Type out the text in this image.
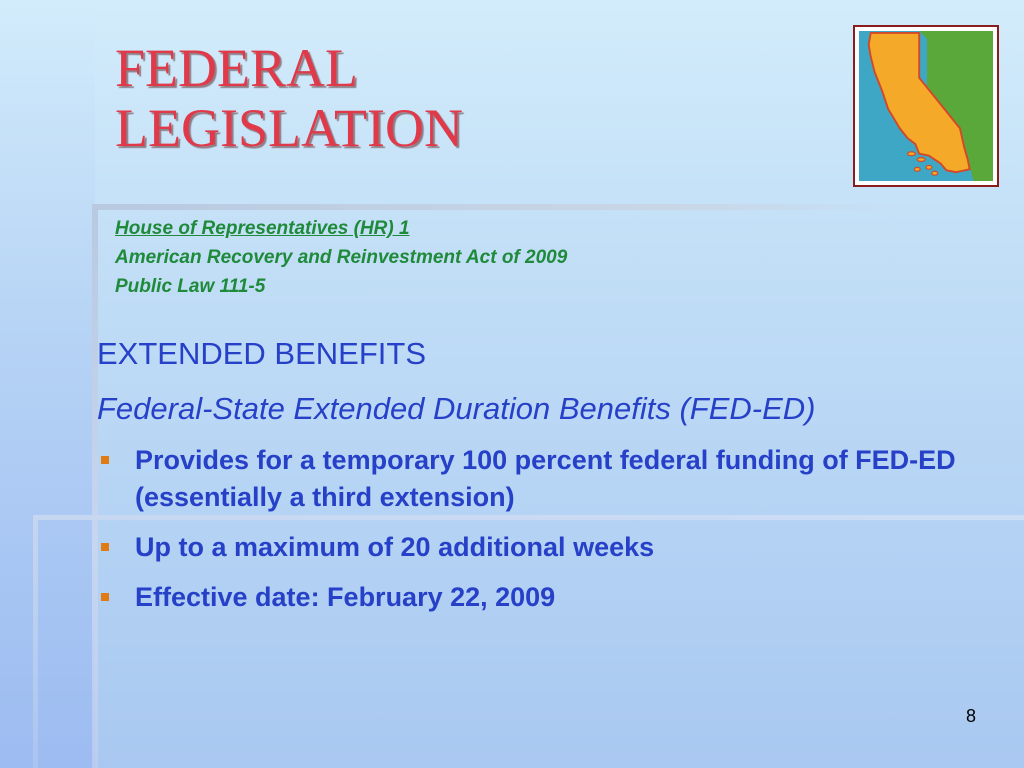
FEDERAL
LEGISLATION
House of Representatives (HR) 1
American Recovery and Reinvestment Act of 2009
Public Law 111-5
EXTENDED BENEFITS
Federal-State Extended Duration Benefits (FED-ED)
Provides for a temporary 100 percent federal funding of FED-ED (essentially a third extension)
Up to a maximum of 20 additional weeks
Effective date: February 22, 2009
8
